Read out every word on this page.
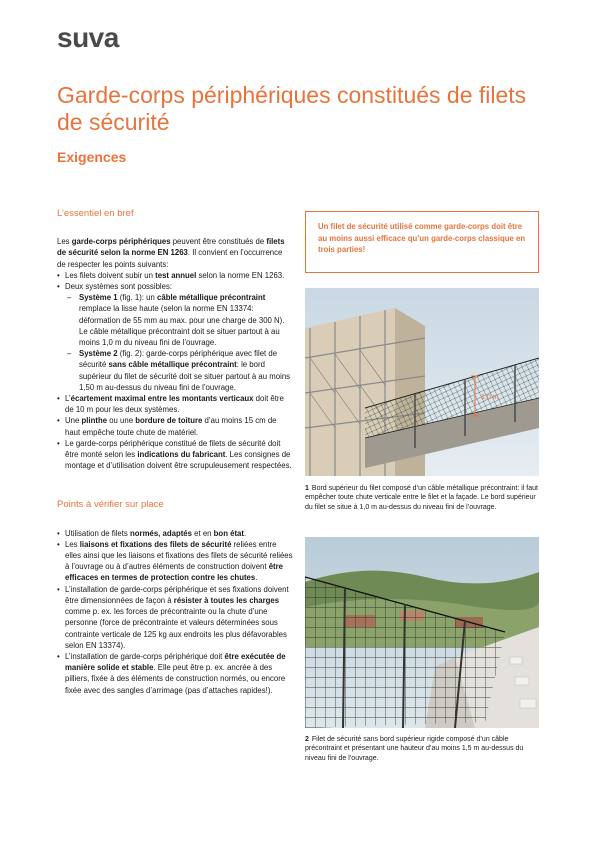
suva
Garde-corps périphériques constitués de filets de sécurité
Exigences
L’essentiel en bref

Les garde-corps périphériques peuvent être constitués de filets de sécurité selon la norme EN 1263. Il convient en l’occurrence de respecter les points suivants:

• Les filets doivent subir un test annuel selon la norme EN 1263.
• Deux systèmes sont possibles:
– Système 1 (fig. 1): un câble métallique précontraint remplace la lisse haute (selon la norme EN 13374: déformation de 55 mm au max. pour une charge de 300 N). Le câble métallique précontraint doit se situer partout à au moins 1,0 m du niveau fini de l’ouvrage.
– Système 2 (fig. 2): garde-corps périphérique avec filet de sécurité sans câble métallique précontraint: le bord supérieur du filet de sécurité doit se situer partout à au moins 1,50 m au-dessus du niveau fini de l’ouvrage.
• L’écartement maximal entre les montants verticaux doit être de 10 m pour les deux systèmes.
• Une plinthe ou une bordure de toiture d’au moins 15 cm de haut empêche toute chute de matériel.
• Le garde-corps périphérique constitué de filets de sécurité doit être monté selon les indications du fabricant. Les consignes de montage et d’utilisation doivent être scrupuleusement respectées.
Points à vérifier sur place
• Utilisation de filets normés, adaptés et en bon état.
• Les liaisons et fixations des filets de sécurité reliées entre elles ainsi que les liaisons et fixations des filets de sécurité reliées à l’ouvrage ou à d’autres éléments de construction doivent être efficaces en termes de protection contre les chutes.
• L’installation de garde-corps périphérique et ses fixations doivent être dimensionnées de façon à résister à toutes les charges comme p. ex. les forces de précontrainte ou la chute d’une personne (force de précontrainte et valeurs déterminées sous contrainte verticale de 125 kg aux endroits les plus défavorables selon EN 13374).
• L’installation de garde-corps périphérique doit être exécutée de manière solide et stable. Elle peut être p. ex. ancrée à des pilliers, fixée à des éléments de construction normés, ou encore fixée avec des sangles d’arrimage (pas d’attaches rapides!).
Un filet de sécurité utilisé comme garde-corps doit être au moins aussi efficace qu’un garde-corps classique en trois parties!
1,0 m
1 Bord supérieur du filet composé d’un câble métallique précontraint: il faut empêcher toute chute verticale entre le filet et la façade. Le bord supérieur du filet se situe à 1,0 m au-dessus du niveau fini de l’ouvrage.
2 Filet de sécurité sans bord supérieur rigide composé d’un câble précontraint et présentant une hauteur d’au moins 1,5 m au-dessus du niveau fini de l’ouvrage.
